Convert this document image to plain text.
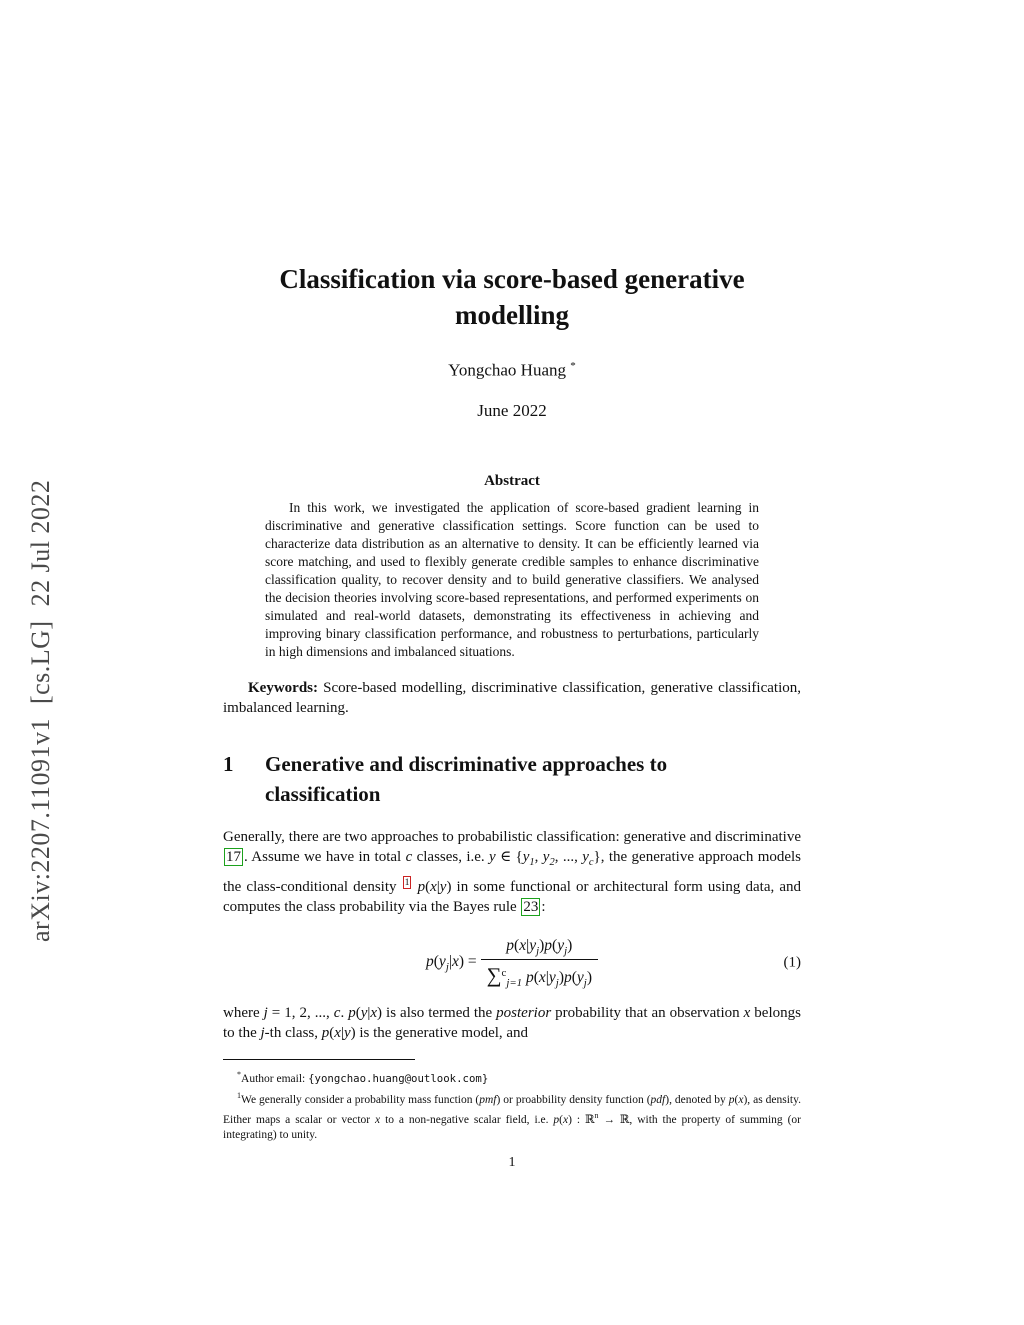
arXiv:2207.11091v1  [cs.LG]  22 Jul 2022
Classification via score-based generative
modelling
Yongchao Huang *
June 2022
Abstract

In this work, we investigated the application of score-based gradient learning in discriminative and generative classification settings. Score function can be used to characterize data distribution as an alternative to density. It can be efficiently learned via score matching, and used to flexibly generate credible samples to enhance discriminative classification quality, to recover density and to build generative classifiers. We analysed the decision theories involving score-based representations, and performed experiments on simulated and real-world datasets, demonstrating its effectiveness in achieving and improving binary classification performance, and robustness to perturbations, particularly in high dimensions and imbalanced situations.

Keywords: Score-based modelling, discriminative classification, generative classification, imbalanced learning.

1	Generative and discriminative approaches to
classification

Generally, there are two approaches to probabilistic classification: generative and discriminative 17 . Assume we have in total c classes, i.e. y ∈ {$y_1$, $y_2$, ..., $y_c$}, the generative approach models the class-conditional density $^1$ p(x|y) in some functional or architectural form using data, and computes the class probability via the Bayes rule 23 :

$p(y_j|x) = \frac{p(x|y_j)p(y_j)}{\sum^c_{j=1} p(x|y_j)p(y_j)}$	(1)

where j = 1, 2, ..., c. p(y|x) is also termed the posterior probability that an observation x belongs to the j-th class, p(x|y) is the generative model, and

*Author email: {yongchao.huang@outlook.com}

$^1$We generally consider a probability mass function (pmf) or proabbility density function (pdf), denoted by p(x), as density. Either maps a scalar or vector x to a non-negative scalar field, i.e. p(x) : ℝ$^n$ → ℝ, with the property of summing (or integrating) to unity.

1
